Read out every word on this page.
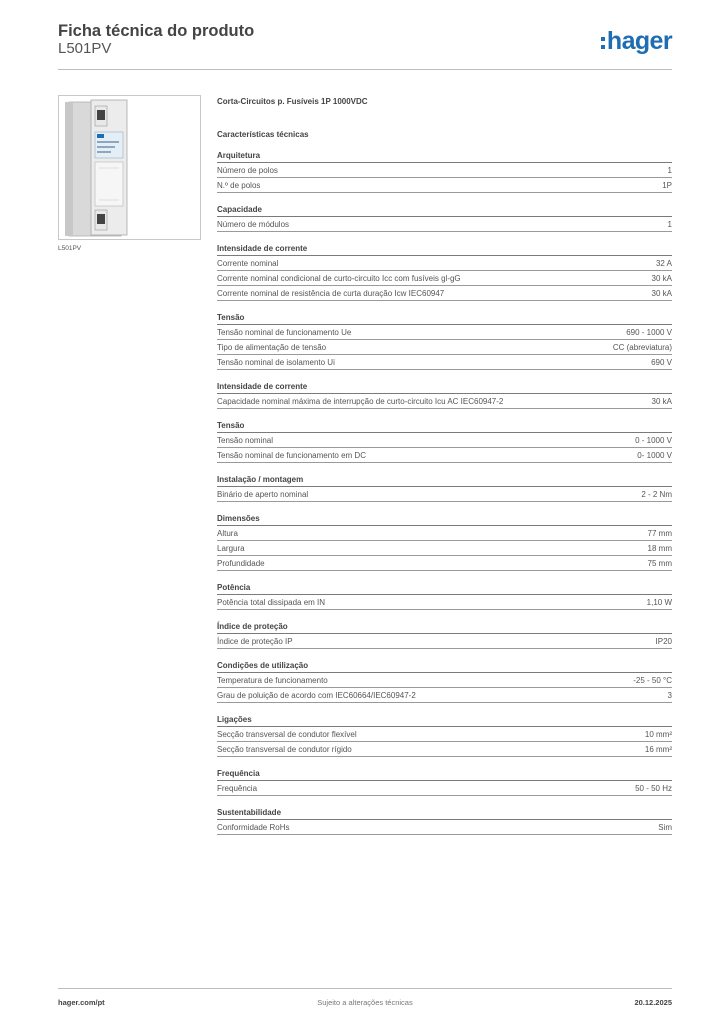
Ficha técnica do produto
L501PV	hager
L501PV
Corta-Circuitos p. Fusíveis 1P 1000VDC
Características técnicas
Arquitetura
Número de polos	1
N.º de polos	1P
Capacidade
Número de módulos	1
Intensidade de corrente
Corrente nominal	32 A
Corrente nominal condicional de curto-circuito Icc com fusíveis gl-gG	30 kA
Corrente nominal de resistência de curta duração Icw IEC60947	30 kA
Tensão
Tensão nominal de funcionamento Ue	690 - 1000 V
Tipo de alimentação de tensão	CC (abreviatura)
Tensão nominal de isolamento Ui	690 V
Intensidade de corrente
Capacidade nominal máxima de interrupção de curto-circuito Icu AC IEC60947-2	30 kA
Tensão
Tensão nominal	0 - 1000 V
Tensão nominal de funcionamento em DC	0- 1000 V
Instalação / montagem
Binário de aperto nominal	2 - 2 Nm
Dimensões
Altura	77 mm
Largura	18 mm
Profundidade	75 mm
Potência
Potência total dissipada em IN	1,10 W
Índice de proteção
Índice de proteção IP	IP20
Condições de utilização
Temperatura de funcionamento	-25 - 50 °C
Grau de poluição de acordo com IEC60664/IEC60947-2	3
Ligações
Secção transversal de condutor flexível	10 mm²
Secção transversal de condutor rígido	16 mm²
Frequência
Frequência	50 - 50 Hz
Sustentabilidade
Conformidade RoHs	Sim
hager.com/pt	Sujeito a alterações técnicas	20.12.2025
